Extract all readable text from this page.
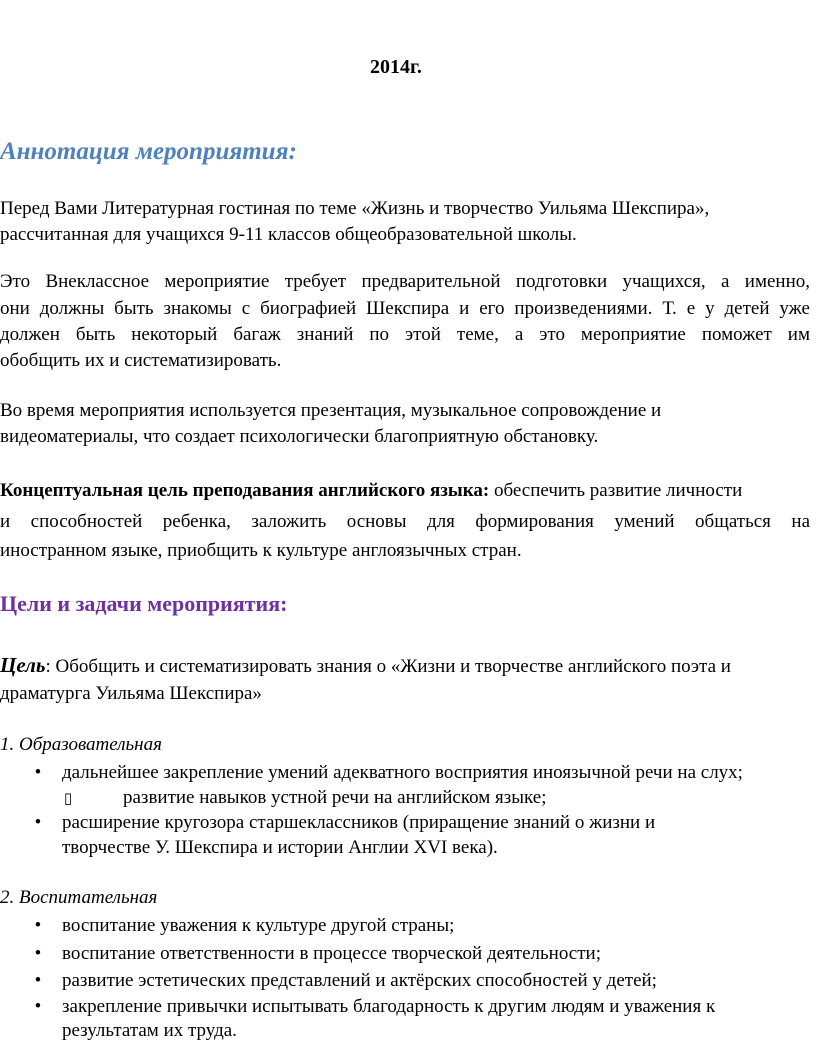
2014г.
Аннотация мероприятия:
Перед Вами Литературная гостиная по теме «Жизнь и творчество Уильяма Шекспира»,
рассчитанная для учащихся 9-11 классов общеобразовательной школы.
Это Внеклассное мероприятие требует предварительной подготовки учащихся, а именно,
они должны быть знакомы с биографией Шекспира и его произведениями. Т. е у детей уже
должен быть некоторый багаж знаний по этой теме, а это мероприятие поможет им
обобщить их и систематизировать.
Во время мероприятия используется презентация, музыкальное сопровождение и
видеоматериалы, что создает психологически благоприятную обстановку.
Концептуальная цель преподавания английского языка: обеспечить развитие личности
и способностей ребенка, заложить основы для формирования умений общаться на
иностранном языке, приобщить к культуре англоязычных стран.
Цели и задачи мероприятия:
Цель: Обобщить и систематизировать знания о «Жизни и творчестве английского поэта и
драматурга Уильяма Шекспира»
1. Образовательная
• дальнейшее закрепление умений адекватного восприятия иноязычной речи на слух;
▯	развитие навыков устной речи на английском языке;
• расширение кругозора старшеклассников (приращение знаний о жизни и
творчестве У. Шекспира и истории Англии XVI века).
2. Воспитательная
• воспитание уважения к культуре другой страны;
• воспитание ответственности в процессе творческой деятельности;
• развитие эстетических представлений и актёрских способностей у детей;
• закрепление привычки испытывать благодарность к другим людям и уважения к
результатам их труда.
